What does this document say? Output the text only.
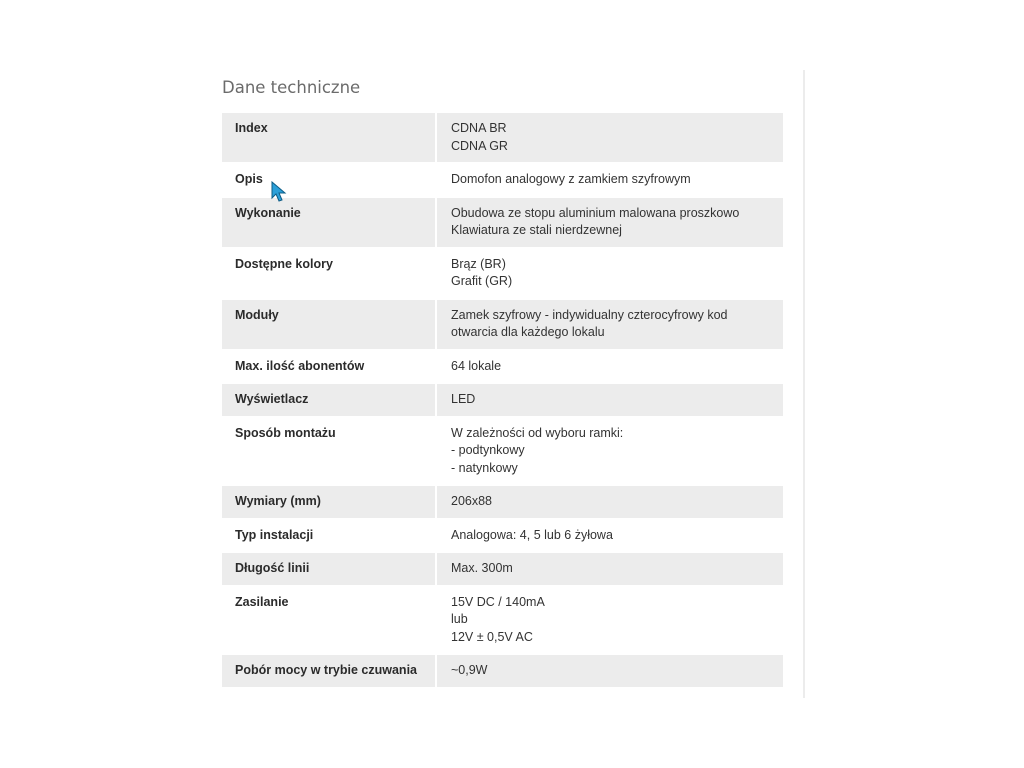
Dane techniczne
Index	CDNA BR
CDNA GR

Opis	Domofon analogowy z zamkiem szyfrowym

Wykonanie	Obudowa ze stopu aluminium malowana proszkowo
Klawiatura ze stali nierdzewnej

Dostępne kolory	Brąz (BR)
Grafit (GR)

Moduły	Zamek szyfrowy - indywidualny czterocyfrowy kod
otwarcia dla każdego lokalu

Max. ilość abonentów	64 lokale

Wyświetlacz	LED

Sposób montażu	W zależności od wyboru ramki:
- podtynkowy
- natynkowy

Wymiary (mm)	206x88

Typ instalacji	Analogowa: 4, 5 lub 6 żyłowa

Długość linii	Max. 300m

Zasilanie	15V DC / 140mA
lub
12V ± 0,5V AC

Pobór mocy w trybie czuwania	~0,9W
